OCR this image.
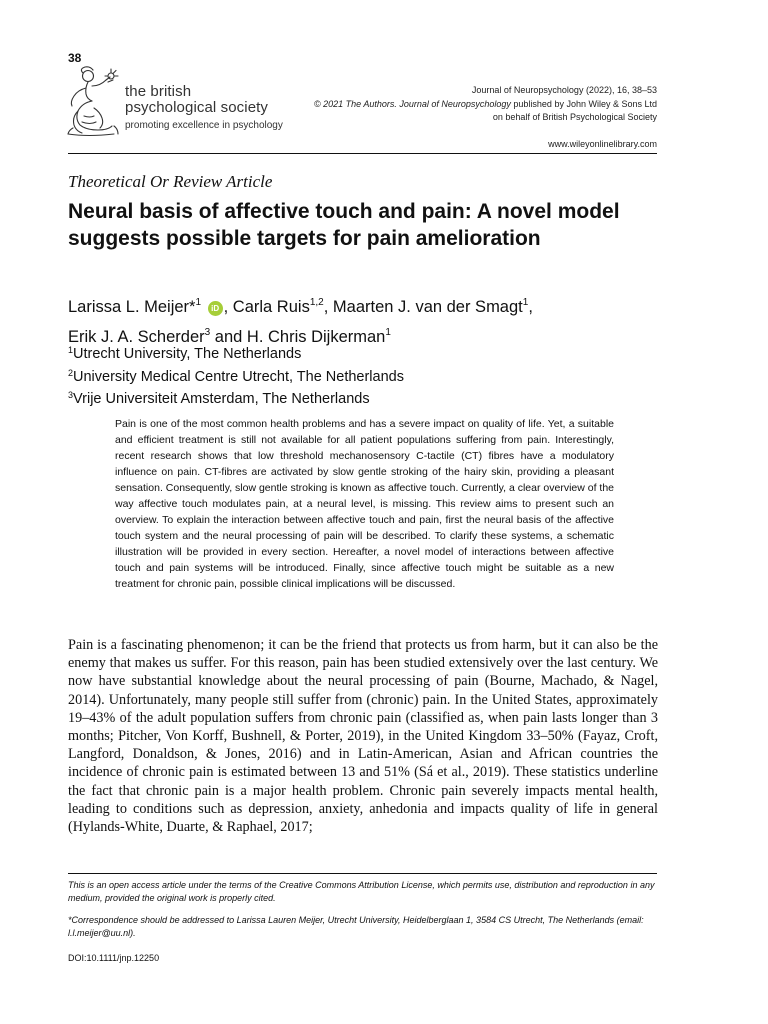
38
the british
psychological society
promoting excellence in psychology
Journal of Neuropsychology (2022), 16, 38–53
© 2021 The Authors. Journal of Neuropsychology published by John Wiley & Sons Ltd
on behalf of British Psychological Society
www.wileyonlinelibrary.com
Theoretical Or Review Article
Neural basis of affective touch and pain: A novel model suggests possible targets for pain amelioration
Larissa L. Meijer*$^1$ iD , Carla Ruis$^{1,2}$, Maarten J. van der Smagt$^1$,
Erik J. A. Scherder$^3$ and H. Chris Dijkerman$^1$
$^1$Utrecht University, The Netherlands
$^2$University Medical Centre Utrecht, The Netherlands
$^3$Vrije Universiteit Amsterdam, The Netherlands
Pain is one of the most common health problems and has a severe impact on quality of life. Yet, a suitable and efficient treatment is still not available for all patient populations suffering from pain. Interestingly, recent research shows that low threshold mechanosensory C-tactile (CT) fibres have a modulatory influence on pain. CT-fibres are activated by slow gentle stroking of the hairy skin, providing a pleasant sensation. Consequently, slow gentle stroking is known as affective touch. Currently, a clear overview of the way affective touch modulates pain, at a neural level, is missing. This review aims to present such an overview. To explain the interaction between affective touch and pain, first the neural basis of the affective touch system and the neural processing of pain will be described. To clarify these systems, a schematic illustration will be provided in every section. Hereafter, a novel model of interactions between affective touch and pain systems will be introduced. Finally, since affective touch might be suitable as a new treatment for chronic pain, possible clinical implications will be discussed.
Pain is a fascinating phenomenon; it can be the friend that protects us from harm, but it can also be the enemy that makes us suffer. For this reason, pain has been studied extensively over the last century. We now have substantial knowledge about the neural processing of pain (Bourne, Machado, & Nagel, 2014). Unfortunately, many people still suffer from (chronic) pain. In the United States, approximately 19–43% of the adult population suffers from chronic pain (classified as, when pain lasts longer than 3 months; Pitcher, Von Korff, Bushnell, & Porter, 2019), in the United Kingdom 33–50% (Fayaz, Croft, Langford, Donaldson, & Jones, 2016) and in Latin-American, Asian and African countries the incidence of chronic pain is estimated between 13 and 51% (Sá et al., 2019). These statistics underline the fact that chronic pain is a major health problem. Chronic pain severely impacts mental health, leading to conditions such as depression, anxiety, anhedonia and impacts quality of life in general (Hylands-White, Duarte, & Raphael, 2017;
This is an open access article under the terms of the Creative Commons Attribution License, which permits use, distribution and reproduction in any medium, provided the original work is properly cited.
*Correspondence should be addressed to Larissa Lauren Meijer, Utrecht University, Heidelberglaan 1, 3584 CS Utrecht, The Netherlands (email: l.l.meijer@uu.nl).
DOI:10.1111/jnp.12250
